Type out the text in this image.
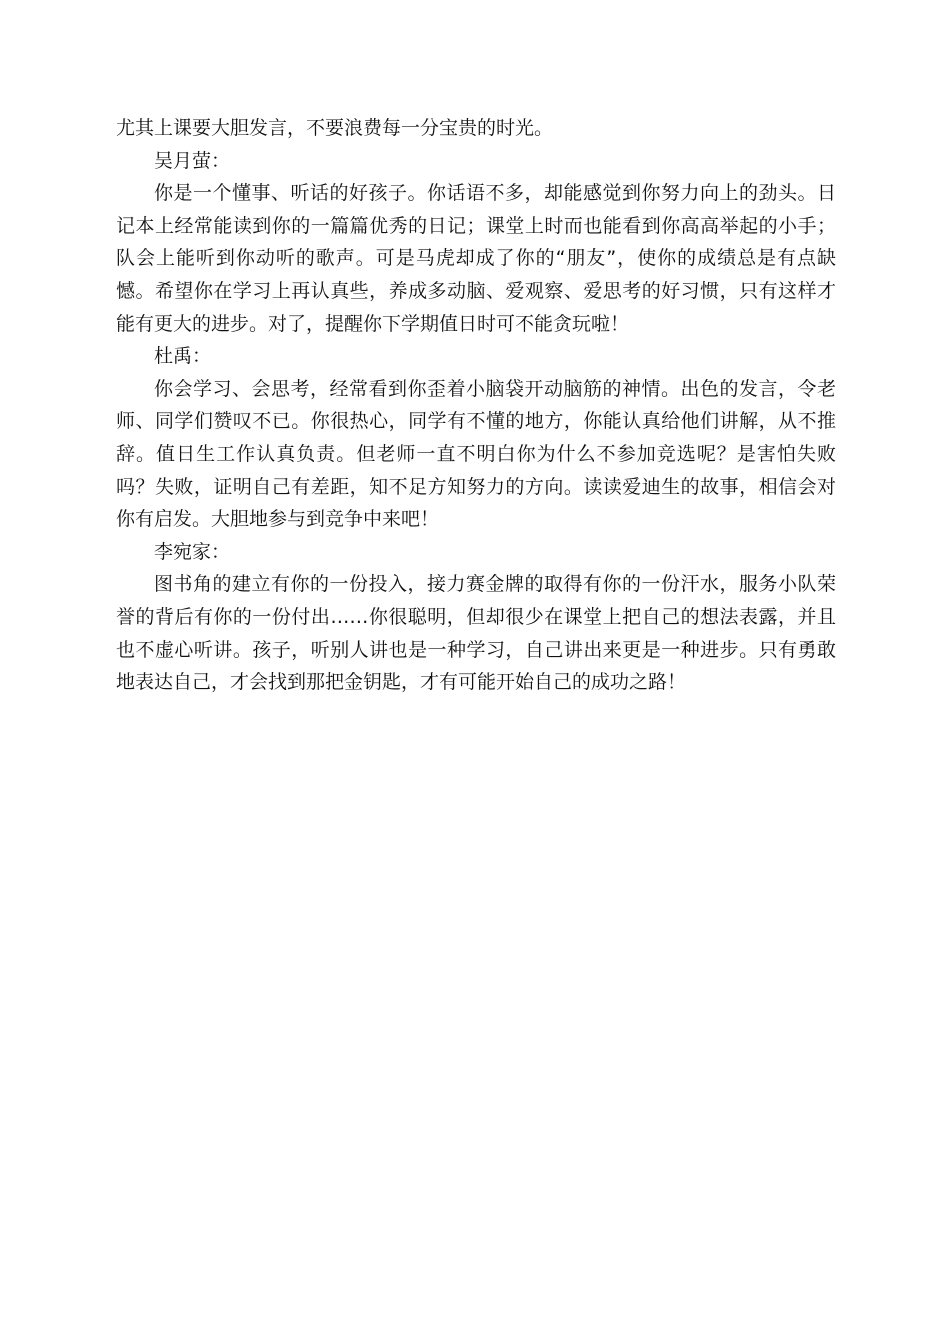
尤其上课要大胆发言，不要浪费每一分宝贵的时光。

吴月萤：

你是一个懂事、听话的好孩子。你话语不多，却能感觉到你努力向上的劲头。日记本上经常能读到你的一篇篇优秀的日记；课堂上时而也能看到你高高举起的小手；队会上能听到你动听的歌声。可是马虎却成了你的“朋友”，使你的成绩总是有点缺憾。希望你在学习上再认真些，养成多动脑、爱观察、爱思考的好习惯，只有这样才能有更大的进步。对了，提醒你下学期值日时可不能贪玩啦！

杜禹：

你会学习、会思考，经常看到你歪着小脑袋开动脑筋的神情。出色的发言，令老师、同学们赞叹不已。你很热心，同学有不懂的地方，你能认真给他们讲解，从不推辞。值日生工作认真负责。但老师一直不明白你为什么不参加竞选呢？是害怕失败吗？失败，证明自己有差距，知不足方知努力的方向。读读爱迪生的故事，相信会对你有启发。大胆地参与到竞争中来吧！

李宛家：

图书角的建立有你的一份投入，接力赛金牌的取得有你的一份汗水，服务小队荣誉的背后有你的一份付出……你很聪明，但却很少在课堂上把自己的想法表露，并且也不虚心听讲。孩子，听别人讲也是一种学习，自己讲出来更是一种进步。只有勇敢地表达自己，才会找到那把金钥匙，才有可能开始自己的成功之路！
